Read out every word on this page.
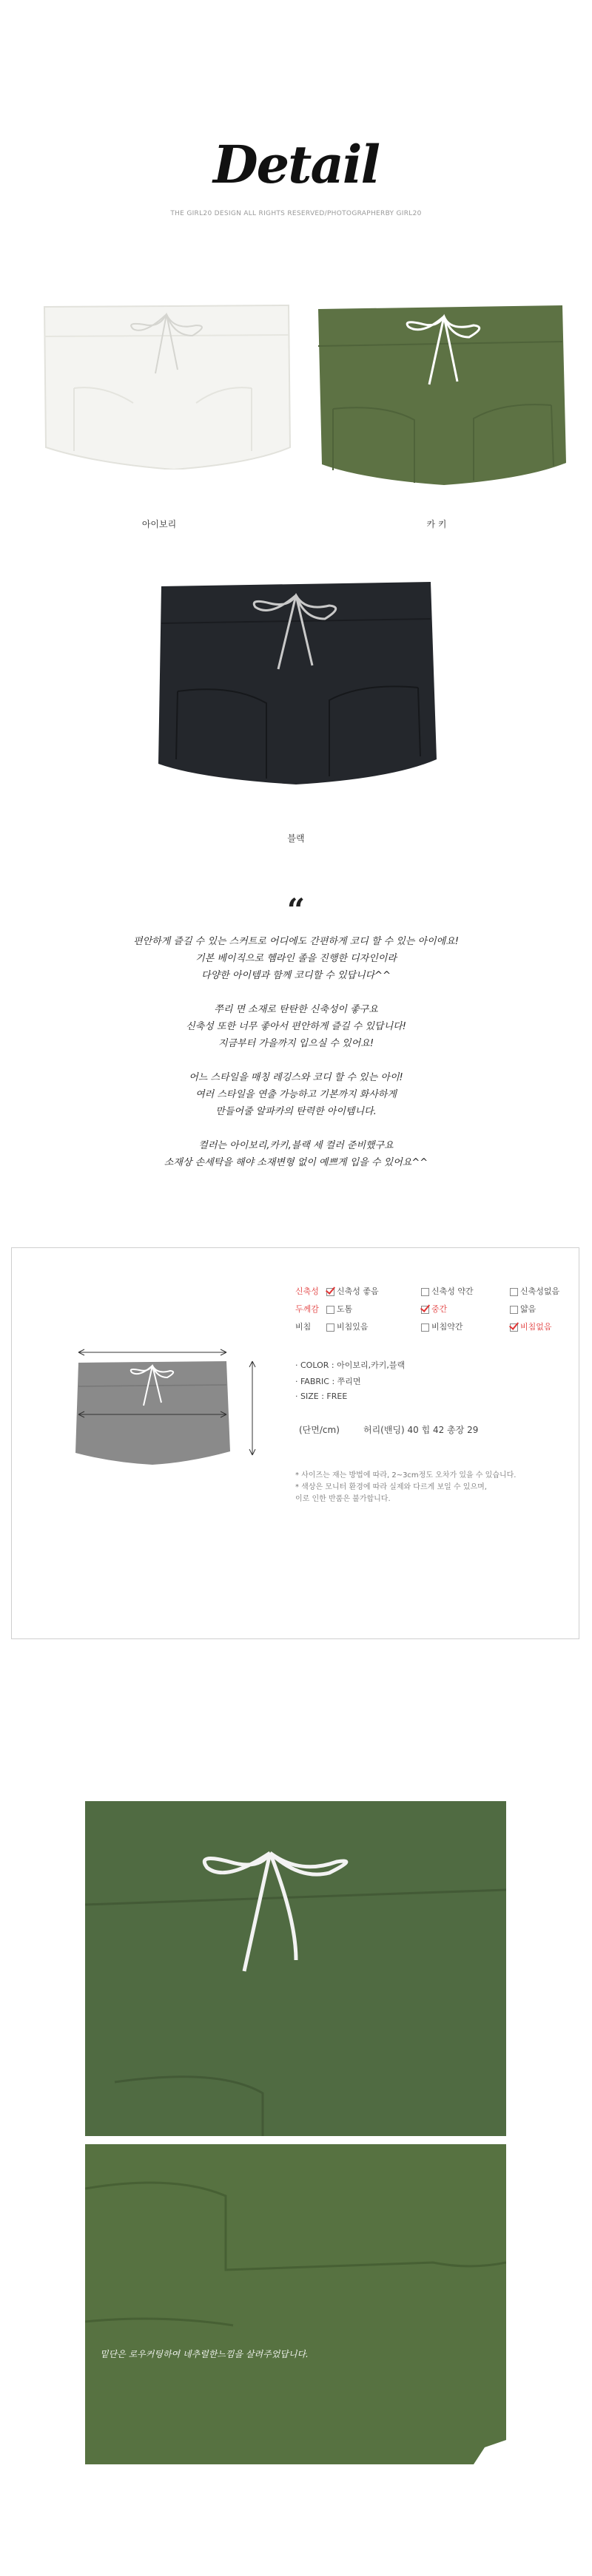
Detail
THE GIRL20 DESIGN ALL RIGHTS RESERVED/PHOTOGRAPHERBY GIRL20
아이보리	카 키
블랙
“
편안하게 즐길 수 있는 스커트로 어디에도 간편하게 코디 할 수 있는 아이에요!
기본 베이직으로 헴라인 졸을 진행한 디자인이라
다양한 아이템과 함께 코디할 수 있답니다^^

쭈리 면 소재로 탄탄한 신축성이 좋구요
신축성 또한 너무 좋아서 편안하게 즐길 수 있답니다!
지금부터 가을까지 입으실 수 있어요!

어느 스타일을 매칭 레깅스와 코디 할 수 있는 아이!
여러 스타일을 연출 가능하고 기본까지 화사하게
만들어줄 알파카의 탄력한 아이템니다.

컬러는 아이보리,카키,블랙 세 컬러 준비했구요
소재상 손세탁을 해야 소재변형 없이 예쁘게 입을 수 있어요^^
신축성	신축성 좋음	신축성 약간	신축성없음
두께감	도톰	중간	얇음
비침	비침있음	비침약간	비침없음
· COLOR : 아이보리,카키,블랙
· FABRIC : 쭈리면
· SIZE : FREE
(단면/cm)	허리(밴딩) 40 힙 42 총장 29
* 사이즈는 재는 방법에 따라, 2~3cm정도 오차가 있을 수 있습니다.
* 색상은 모니터 환경에 따라 실제와 다르게 보일 수 있으며,
이로 인한 반품은 불가합니다.
밑단은 로우커팅하여 네추럴한느낌을 살려주었답니다.
